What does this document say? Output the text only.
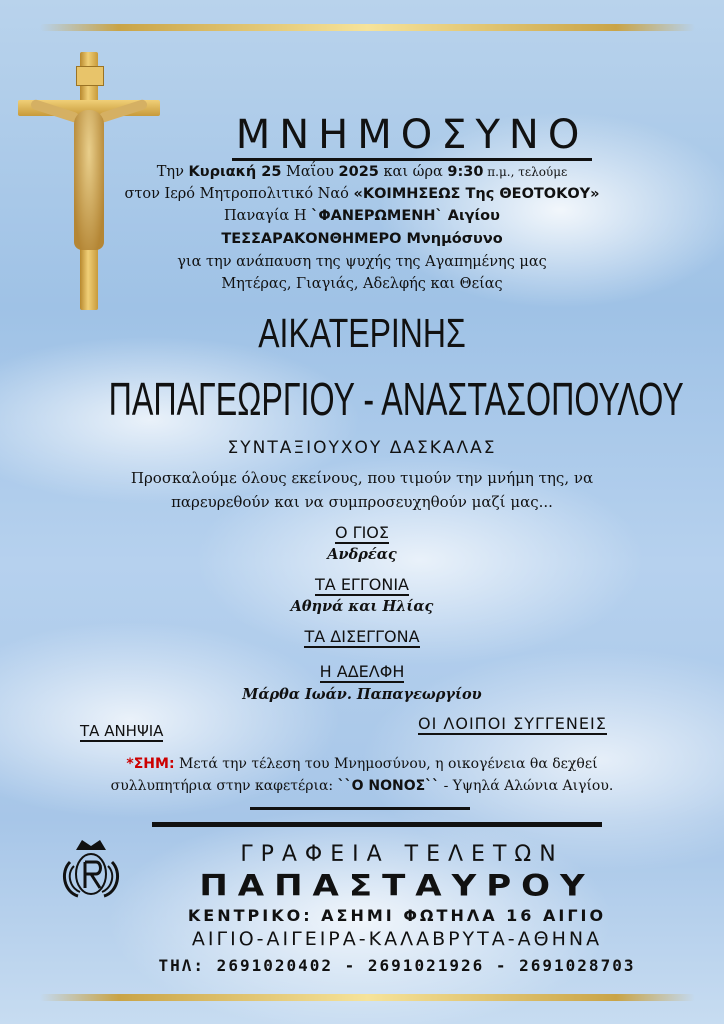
ΜΝΗΜΟΣΥΝΟ
Την Κυριακή 25 Μαΐου 2025 και ώρα 9:30 π.μ., τελούμε
στον Ιερό Μητροπολιτικό Ναό «ΚΟΙΜΗΣΕΩΣ Της ΘΕΟΤΟΚΟΥ»
Παναγία Η `ΦΑΝΕΡΩΜΕΝΗ` Αιγίου
ΤΕΣΣΑΡΑΚΟΝΘΗΜΕΡΟ Μνημόσυνο
για την ανάπαυση της ψυχής της Αγαπημένης μας
Μητέρας, Γιαγιάς, Αδελφής και Θείας
ΑΙΚΑΤΕΡΙΝΗΣ
ΠΑΠΑΓΕΩΡΓΙΟΥ - ΑΝΑΣΤΑΣΟΠΟΥΛΟΥ
ΣΥΝΤΑΞΙΟΥΧΟΥ ΔΑΣΚΑΛΑΣ
Προσκαλούμε όλους εκείνους, που τιμούν την μνήμη της, να
παρευρεθούν και να συμπροσευχηθούν μαζί μας...
Ο ΓΙΟΣ
Ανδρέας
ΤΑ ΕΓΓΟΝΙΑ
Αθηνά και Ηλίας
ΤΑ ΔΙΣΕΓΓΟΝΑ
Η ΑΔΕΛΦΗ
Μάρθα Ιωάν. Παπαγεωργίου
ΤΑ ΑΝΗΨΙΑ	ΟΙ ΛΟΙΠΟΙ ΣΥΓΓΕΝΕΙΣ
*ΣΗΜ: Μετά την τέλεση του Μνημοσύνου, η οικογένεια θα δεχθεί
συλλυπητήρια στην καφετέρια: ``Ο ΝΟΝΟΣ`` - Υψηλά Αλώνια Αιγίου.
ΓΡΑΦΕΙΑ ΤΕΛΕΤΩΝ
ΠΑΠΑΣΤΑΥΡΟΥ
ΚΕΝΤΡΙΚΟ: ΑΣΗΜΙ ΦΩΤΗΛΑ 16 ΑΙΓΙΟ
ΑΙΓΙΟ-ΑΙΓΕΙΡΑ-ΚΑΛΑΒΡΥΤΑ-ΑΘΗΝΑ
ΤΗΛ: 2691020402 - 2691021926 - 2691028703
